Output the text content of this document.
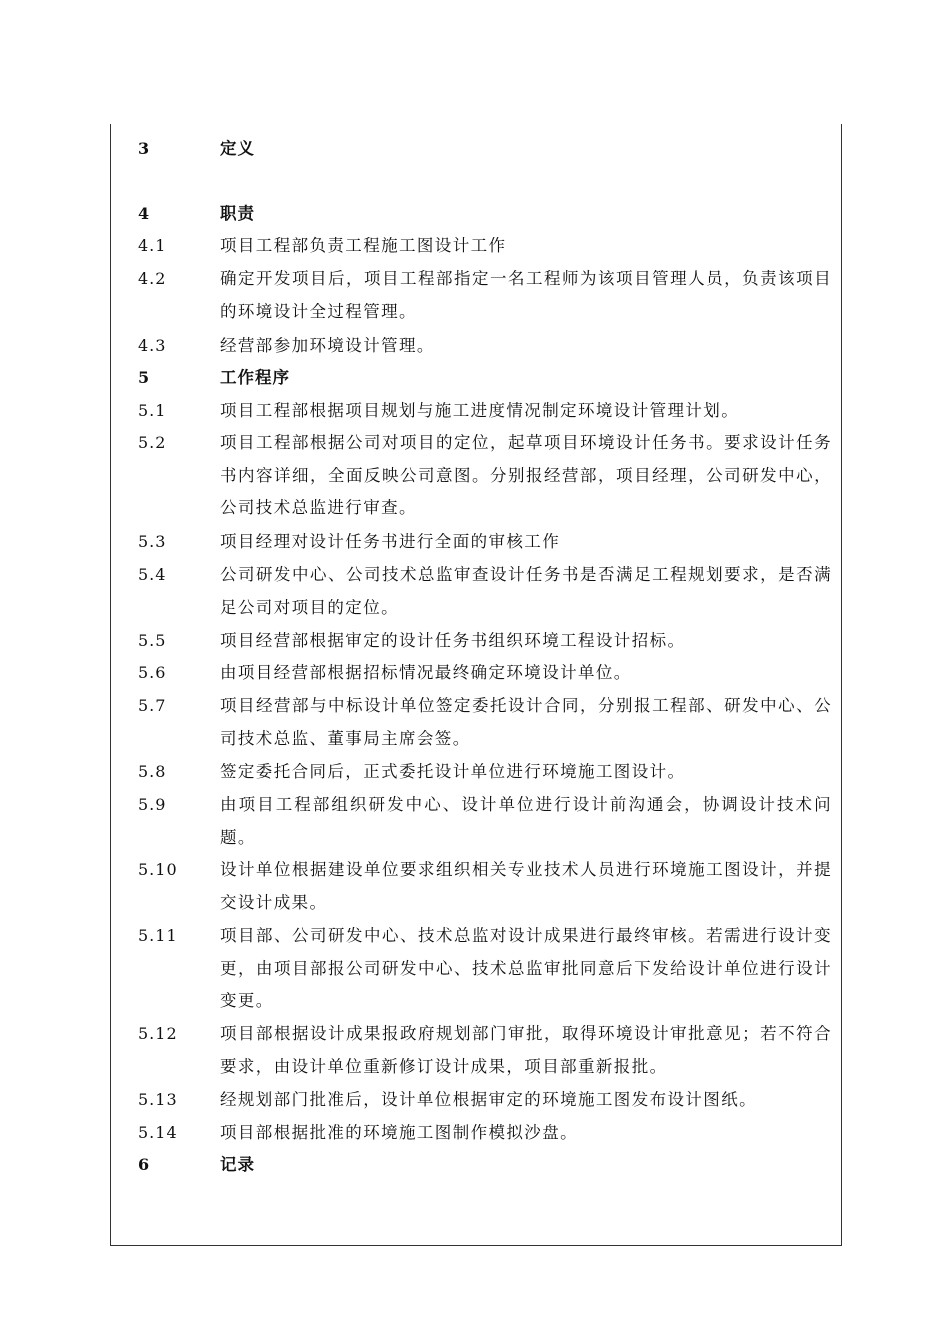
3	定义
4	职责
4.1	项目工程部负责工程施工图设计工作
4.2	确定开发项目后，项目工程部指定一名工程师为该项目管理人员，负责该项目的环境设计全过程管理。
4.3	经营部参加环境设计管理。
5	工作程序
5.1	项目工程部根据项目规划与施工进度情况制定环境设计管理计划。
5.2	项目工程部根据公司对项目的定位，起草项目环境设计任务书。要求设计任务书内容详细，全面反映公司意图。分别报经营部，项目经理，公司研发中心，公司技术总监进行审查。
5.3	项目经理对设计任务书进行全面的审核工作
5.4	公司研发中心、公司技术总监审查设计任务书是否满足工程规划要求，是否满足公司对项目的定位。
5.5	项目经营部根据审定的设计任务书组织环境工程设计招标。
5.6	由项目经营部根据招标情况最终确定环境设计单位。
5.7	项目经营部与中标设计单位签定委托设计合同，分别报工程部、研发中心、公司技术总监、董事局主席会签。
5.8	签定委托合同后，正式委托设计单位进行环境施工图设计。
5.9	由项目工程部组织研发中心、设计单位进行设计前沟通会，协调设计技术问题。
5.10	设计单位根据建设单位要求组织相关专业技术人员进行环境施工图设计，并提交设计成果。
5.11	项目部、公司研发中心、技术总监对设计成果进行最终审核。若需进行设计变更，由项目部报公司研发中心、技术总监审批同意后下发给设计单位进行设计变更。
5.12	项目部根据设计成果报政府规划部门审批，取得环境设计审批意见；若不符合要求，由设计单位重新修订设计成果，项目部重新报批。
5.13	经规划部门批准后，设计单位根据审定的环境施工图发布设计图纸。
5.14	项目部根据批准的环境施工图制作模拟沙盘。
6	记录
